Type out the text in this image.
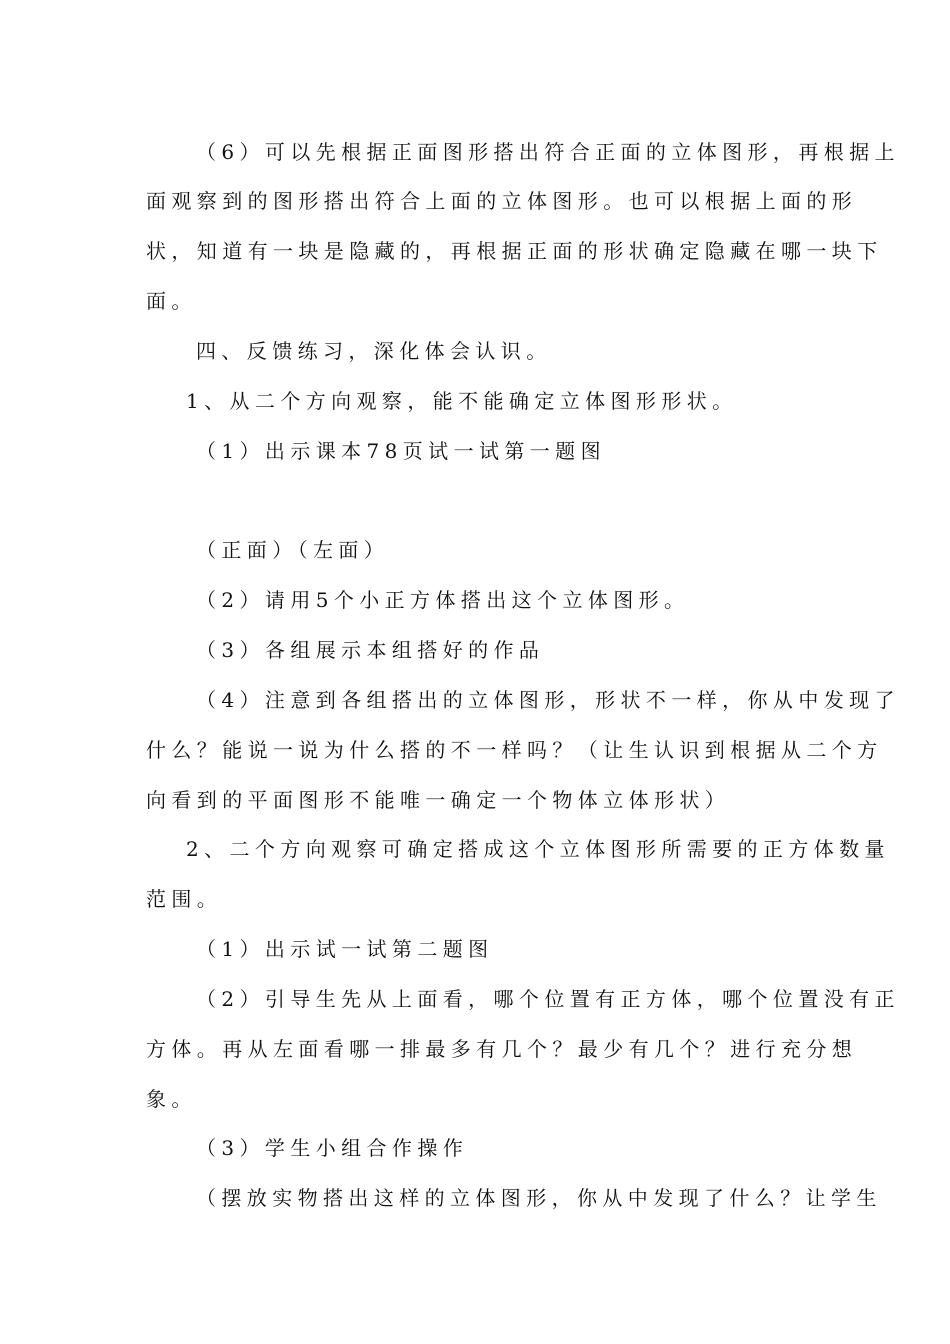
（6）可以先根据正面图形搭出符合正面的立体图形，再根据上
面观察到的图形搭出符合上面的立体图形。也可以根据上面的形
状，知道有一块是隐藏的，再根据正面的形状确定隐藏在哪一块下
面。
四、反馈练习，深化体会认识。
1、从二个方向观察，能不能确定立体图形形状。
（1）出示课本78页试一试第一题图
（正面）（左面）
（2）请用5个小正方体搭出这个立体图形。
（3）各组展示本组搭好的作品
（4）注意到各组搭出的立体图形，形状不一样，你从中发现了
什么？能说一说为什么搭的不一样吗？（让生认识到根据从二个方
向看到的平面图形不能唯一确定一个物体立体形状）
2、二个方向观察可确定搭成这个立体图形所需要的正方体数量
范围。
（1）出示试一试第二题图
（2）引导生先从上面看，哪个位置有正方体，哪个位置没有正
方体。再从左面看哪一排最多有几个？最少有几个？进行充分想
象。
（3）学生小组合作操作
（摆放实物搭出这样的立体图形，你从中发现了什么？让学生
